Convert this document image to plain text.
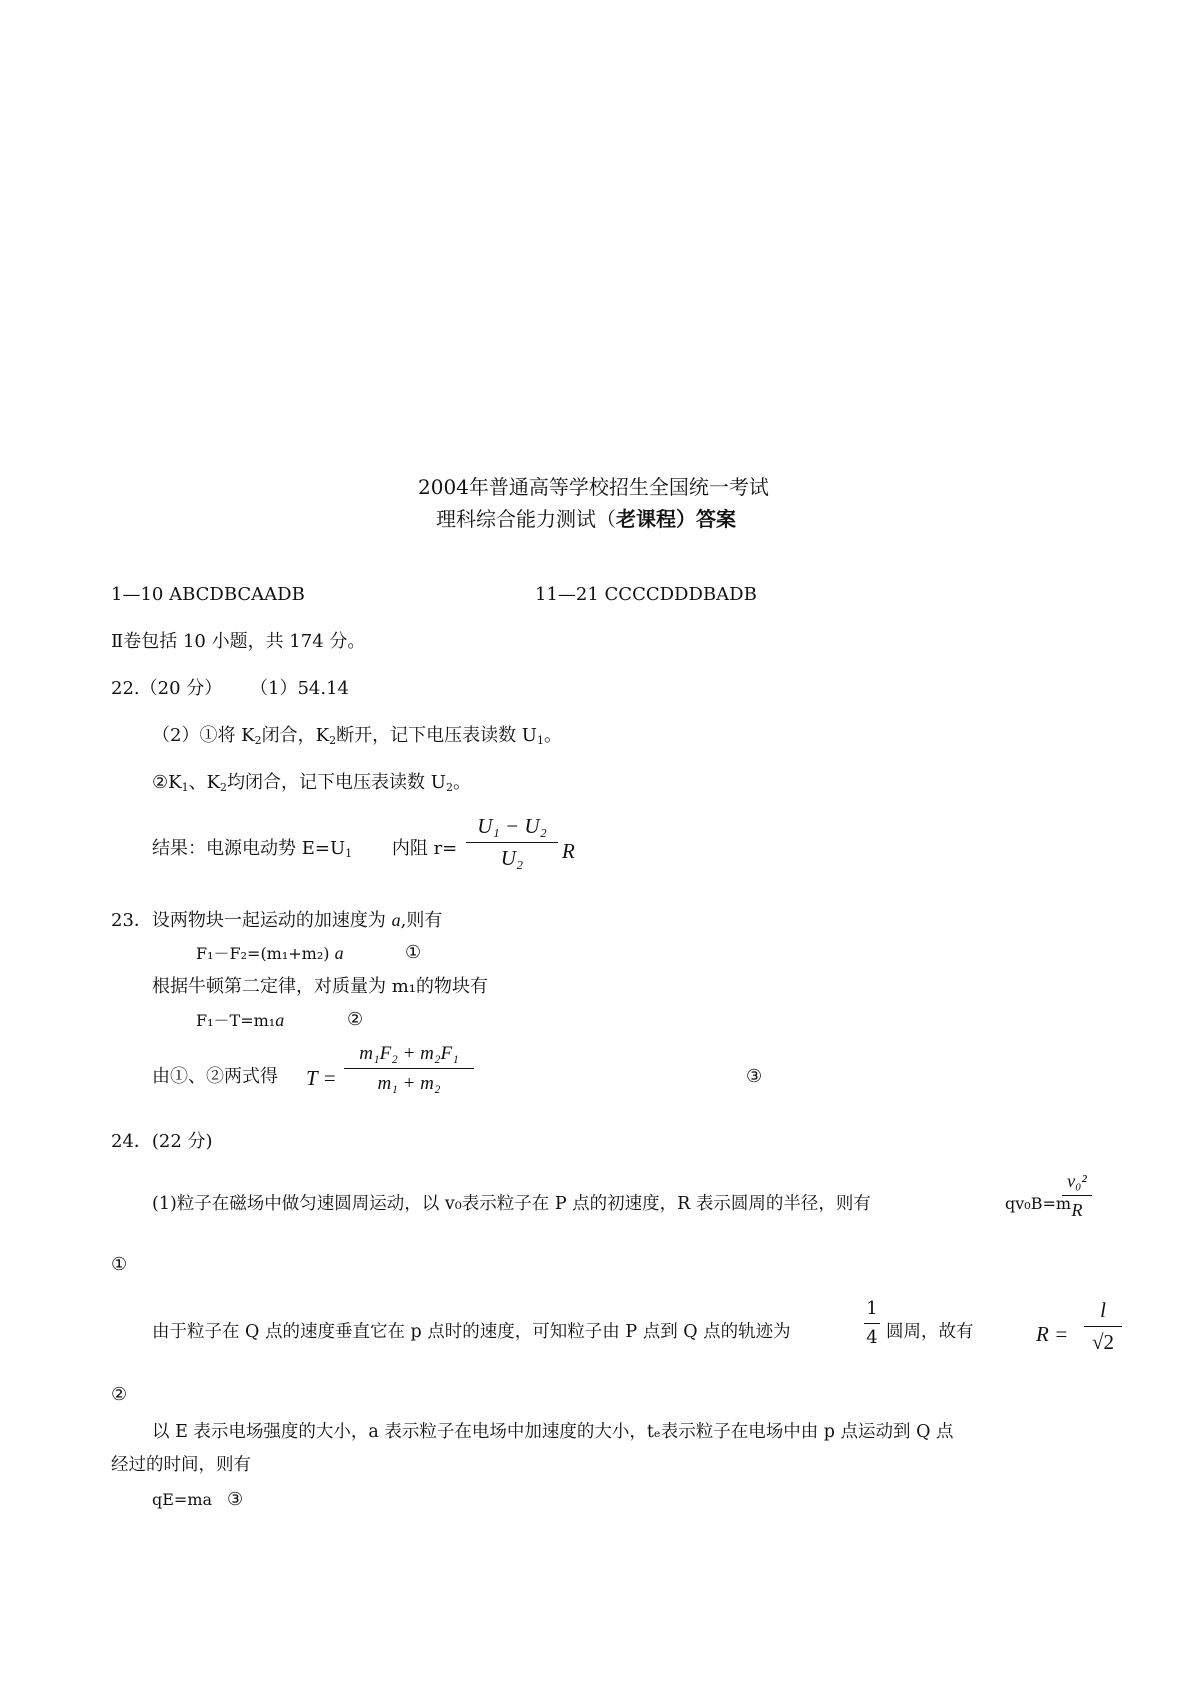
2004年普通高等学校招生全国统一考试
理科综合能力测试（老课程）答案
1—10 ABCDBCAADB	11—21 CCCCDDDBADB
Ⅱ卷包括 10 小题，共 174 分。
22.（20 分） （1）54.14
（2）①将 $K_2$闭合，$K_2$断开，记下电压表读数 $U_1$。
$②K_1$、$K_2$均闭合，记下电压表读数 $U_2$。
结果：电源电动势 $E=U_1$ 内阻 r=
U₁ − U₂
U₂	R
23．设两物块一起运动的加速度为 a,则有
F₁－F₂=(m₁+m₂) a	①
根据牛顿第二定律，对质量为 m₁的物块有
F₁－T=m₁a	②
由①、②两式得 T =
m₁F₂ + m₂F₁
m₁ + m₂	③
24．(22 分)
(1)粒子在磁场中做匀速圆周运动，以 v₀表示粒子在 P 点的初速度，R 表示圆周的半径，则有	qv₀B=m
v₀²
R
①
由于粒子在 Q 点的速度垂直它在 p 点时的速度，可知粒子由 P 点到 Q 点的轨迹为
1
4 圆周，故有	R =
l
√2
②
以 E 表示电场强度的大小，a 表示粒子在电场中加速度的大小，tₑ表示粒子在电场中由 p 点运动到 Q 点
经过的时间，则有
qE=ma ③
